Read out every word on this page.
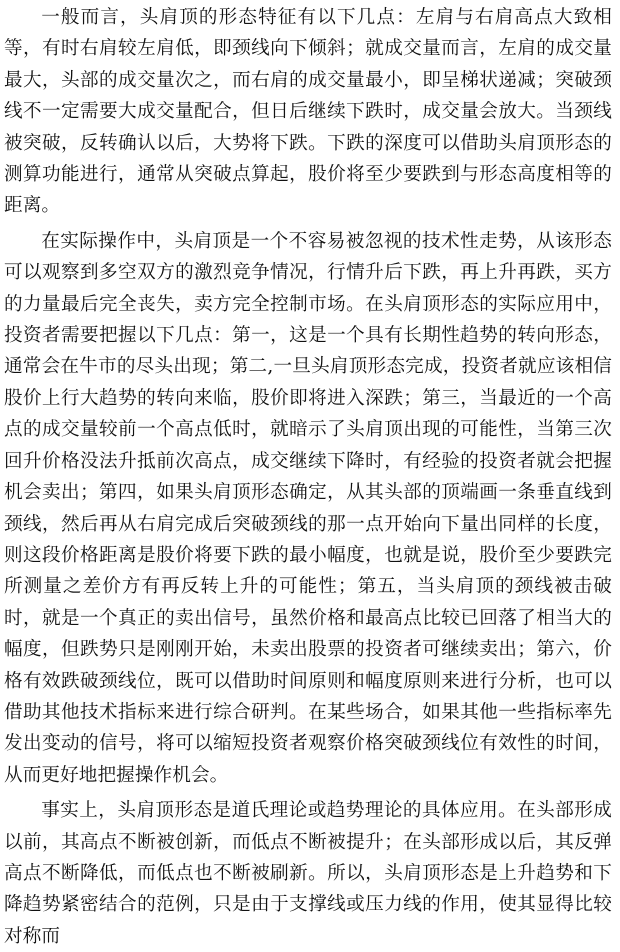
一般而言，头肩顶的形态特征有以下几点：左肩与右肩高点大致相等，有时右肩较左肩低，即颈线向下倾斜；就成交量而言，左肩的成交量最大，头部的成交量次之，而右肩的成交量最小，即呈梯状递减；突破颈线不一定需要大成交量配合，但日后继续下跌时，成交量会放大。当颈线被突破，反转确认以后，大势将下跌。下跌的深度可以借助头肩顶形态的测算功能进行，通常从突破点算起，股价将至少要跌到与形态高度相等的距离。

在实际操作中，头肩顶是一个不容易被忽视的技术性走势，从该形态可以观察到多空双方的激烈竞争情况，行情升后下跌，再上升再跌，买方的力量最后完全丧失，卖方完全控制市场。在头肩顶形态的实际应用中，投资者需要把握以下几点：第一，这是一个具有长期性趋势的转向形态，通常会在牛市的尽头出现；第二,一旦头肩顶形态完成，投资者就应该相信股价上行大趋势的转向来临，股价即将进入深跌；第三，当最近的一个高点的成交量较前一个高点低时，就暗示了头肩顶出现的可能性，当第三次回升价格没法升抵前次高点，成交继续下降时，有经验的投资者就会把握机会卖出；第四，如果头肩顶形态确定，从其头部的顶端画一条垂直线到颈线，然后再从右肩完成后突破颈线的那一点开始向下量出同样的长度，则这段价格距离是股价将要下跌的最小幅度，也就是说，股价至少要跌完所测量之差价方有再反转上升的可能性；第五，当头肩顶的颈线被击破时，就是一个真正的卖出信号，虽然价格和最高点比较已回落了相当大的幅度，但跌势只是刚刚开始，未卖出股票的投资者可继续卖出；第六，价格有效跌破颈线位，既可以借助时间原则和幅度原则来进行分析，也可以借助其他技术指标来进行综合研判。在某些场合，如果其他一些指标率先发出变动的信号，将可以缩短投资者观察价格突破颈线位有效性的时间，从而更好地把握操作机会。

事实上，头肩顶形态是道氏理论或趋势理论的具体应用。在头部形成以前，其高点不断被创新，而低点不断被提升；在头部形成以后，其反弹高点不断降低，而低点也不断被刷新。所以，头肩顶形态是上升趋势和下降趋势紧密结合的范例，只是由于支撑线或压力线的作用，使其显得比较对称而
